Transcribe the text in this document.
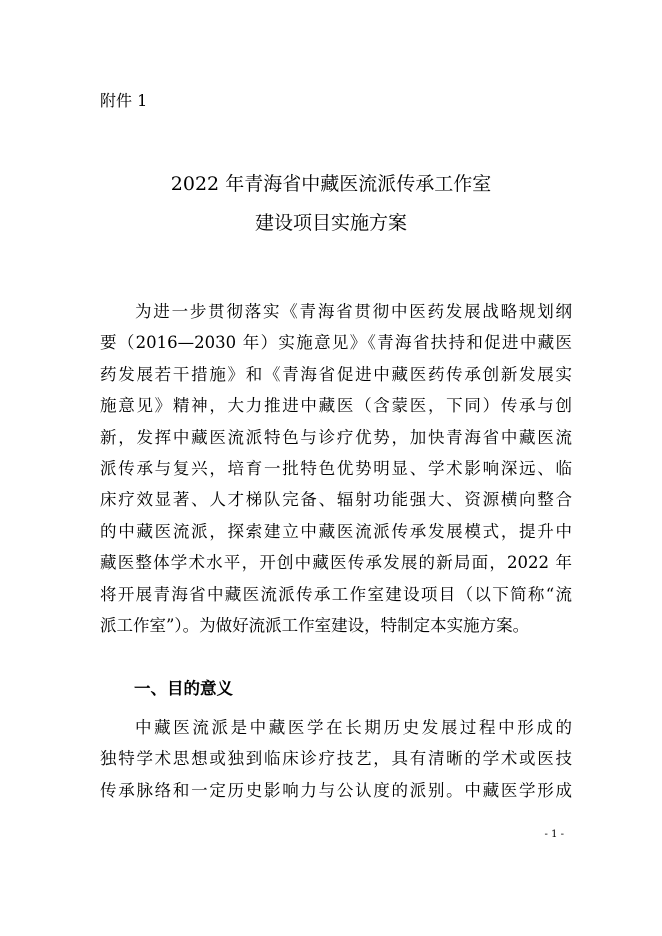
附件 1
2022 年青海省中藏医流派传承工作室
建设项目实施方案
为进一步贯彻落实《青海省贯彻中医药发展战略规划纲
要（2016—2030 年）实施意见》《青海省扶持和促进中藏医
药发展若干措施》和《青海省促进中藏医药传承创新发展实
施意见》精神，大力推进中藏医（含蒙医，下同）传承与创
新，发挥中藏医流派特色与诊疗优势，加快青海省中藏医流
派传承与复兴，培育一批特色优势明显、学术影响深远、临
床疗效显著、人才梯队完备、辐射功能强大、资源横向整合
的中藏医流派，探索建立中藏医流派传承发展模式，提升中
藏医整体学术水平，开创中藏医传承发展的新局面，2022 年
将开展青海省中藏医流派传承工作室建设项目（以下简称“流
派工作室”）。为做好流派工作室建设，特制定本实施方案。
一、目的意义
中藏医流派是中藏医学在长期历史发展过程中形成的
独特学术思想或独到临床诊疗技艺，具有清晰的学术或医技
传承脉络和一定历史影响力与公认度的派别。中藏医学形成
- 1 -
